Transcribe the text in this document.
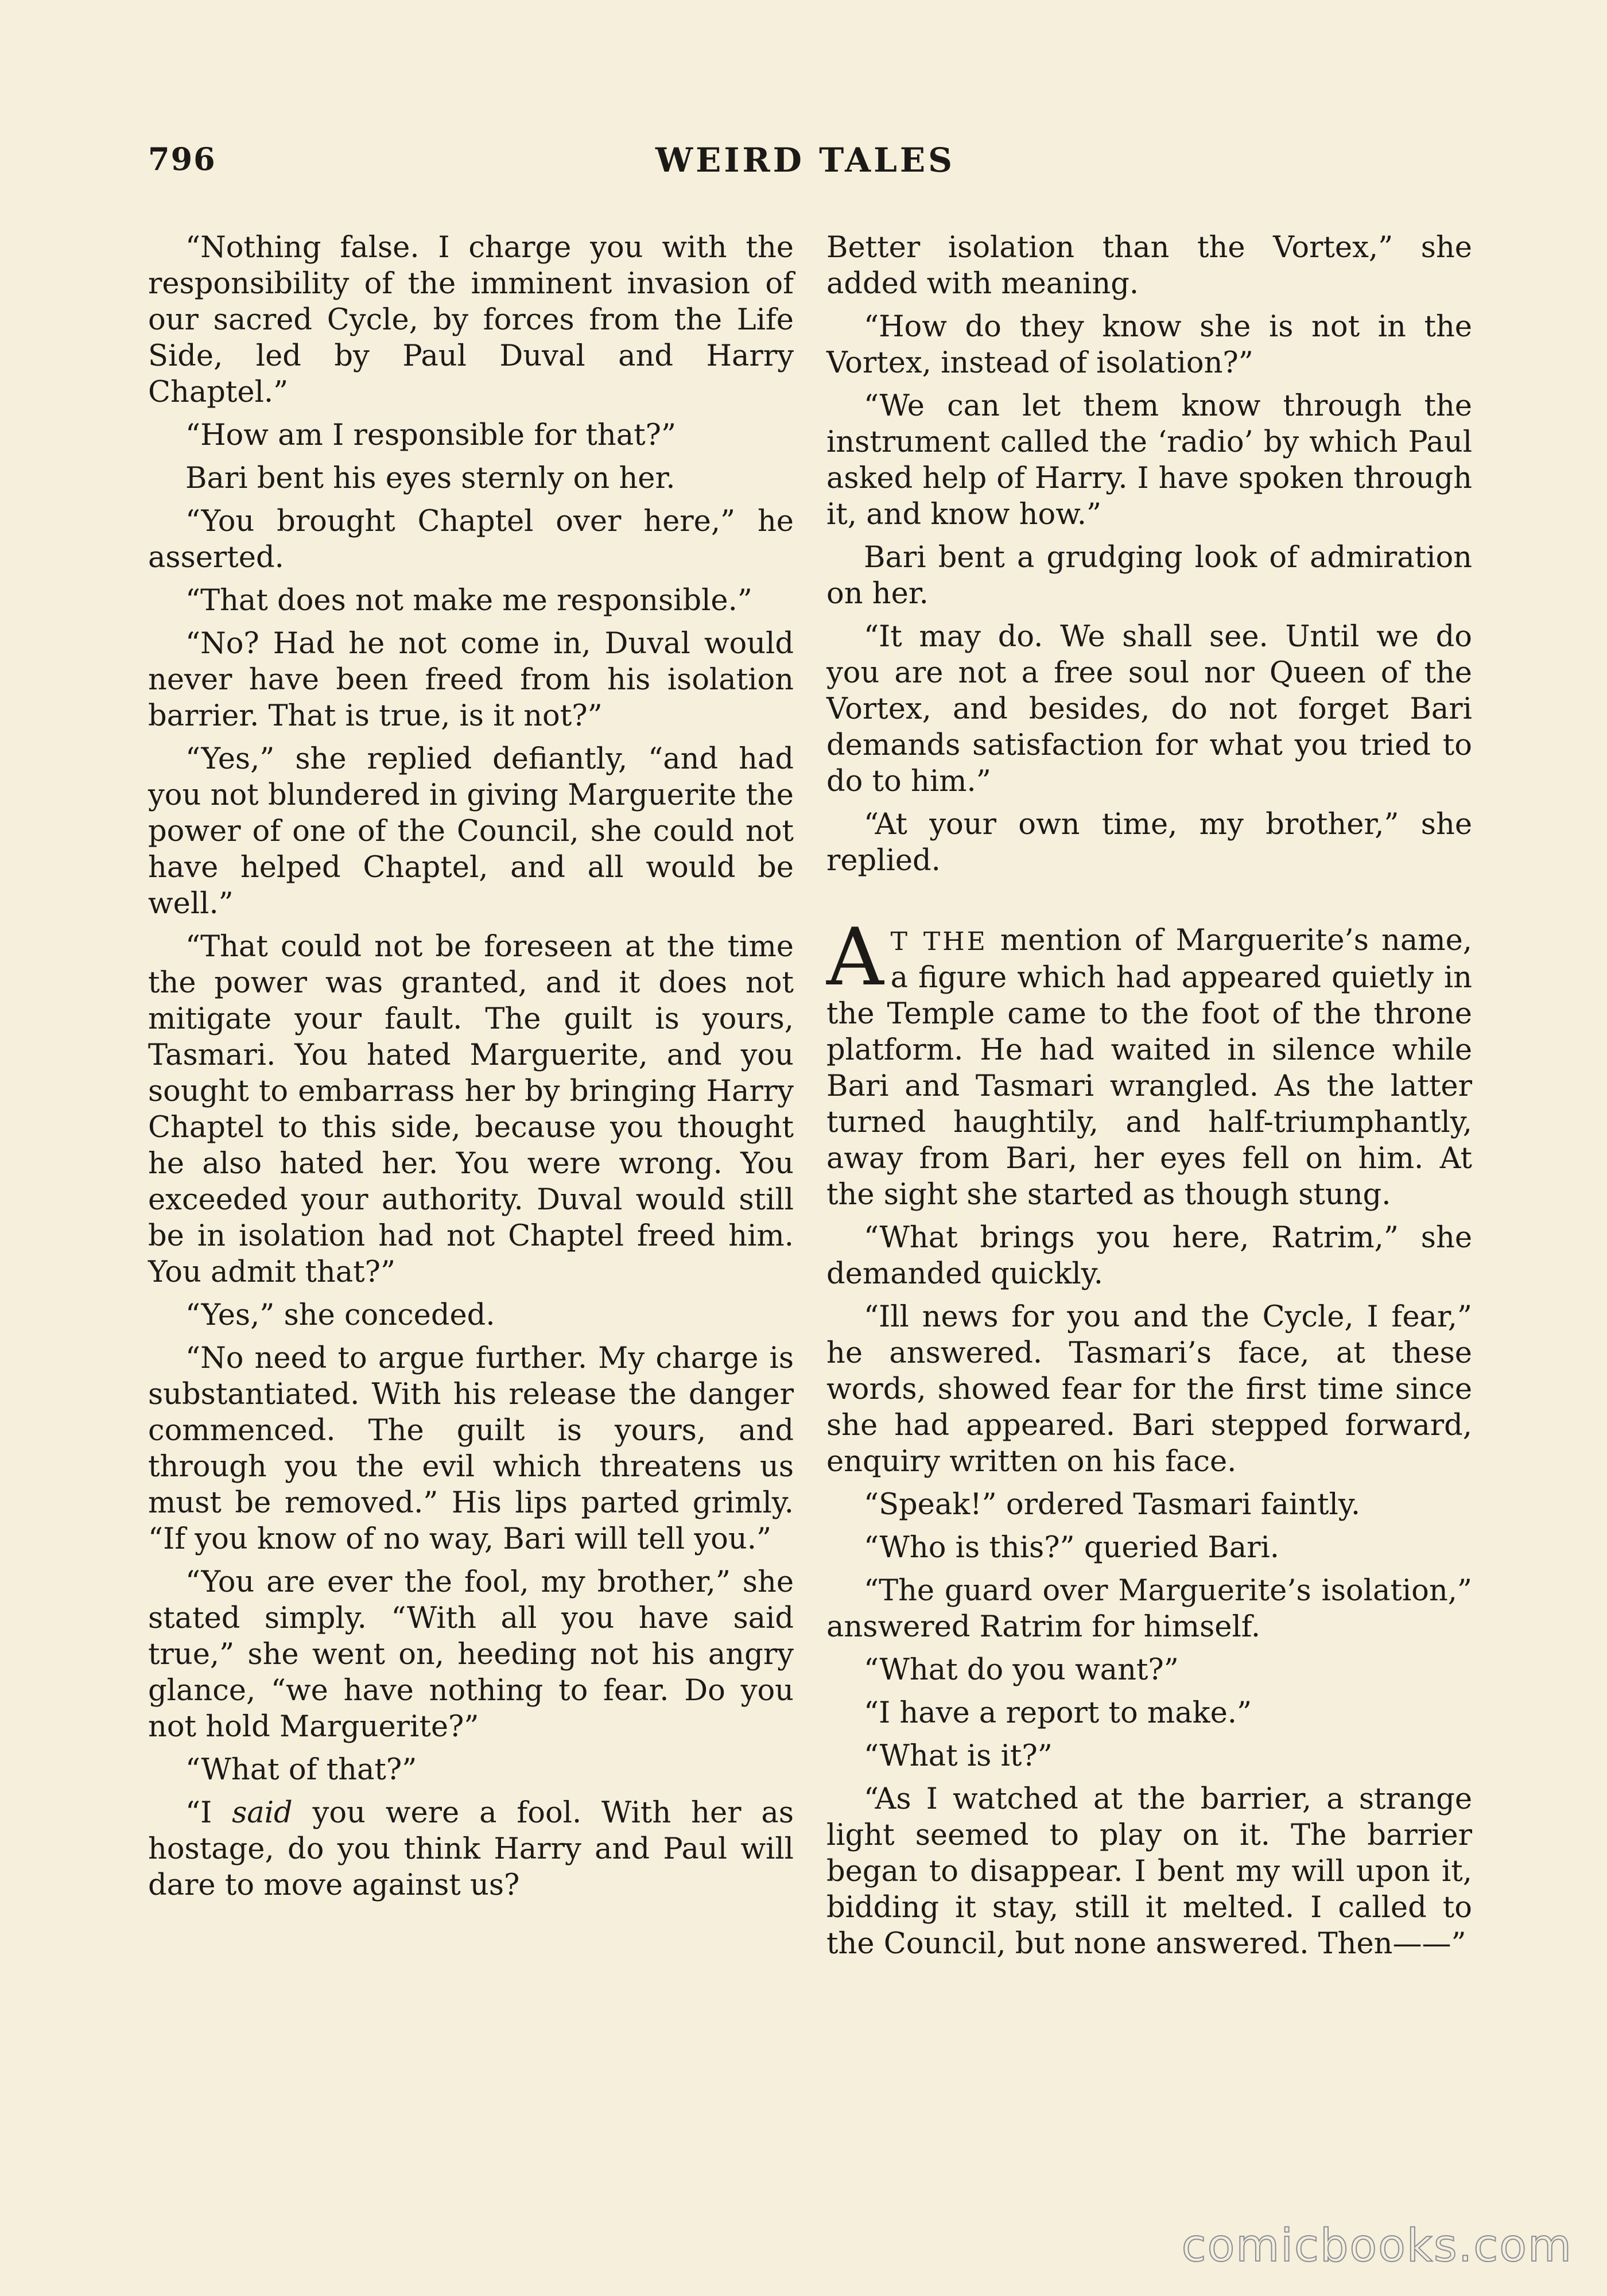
796	WEIRD TALES

“Nothing false. I charge you with the responsibility of the imminent invasion of our sacred Cycle, by forces from the Life Side, led by Paul Duval and Harry Chaptel.”

“How am I responsible for that?”

Bari bent his eyes sternly on her.

“You brought Chaptel over here,” he asserted.

“That does not make me responsible.”

“No? Had he not come in, Duval would never have been freed from his isolation barrier. That is true, is it not?”

“Yes,” she replied defiantly, “and had you not blundered in giving Marguerite the power of one of the Council, she could not have helped Chaptel, and all would be well.”

“That could not be foreseen at the time the power was granted, and it does not mitigate your fault. The guilt is yours, Tasmari. You hated Marguerite, and you sought to embarrass her by bringing Harry Chaptel to this side, because you thought he also hated her. You were wrong. You exceeded your authority. Duval would still be in isolation had not Chaptel freed him. You admit that?”

“Yes,” she conceded.

“No need to argue further. My charge is substantiated. With his release the danger commenced. The guilt is yours, and through you the evil which threatens us must be removed.” His lips parted grimly. “If you know of no way, Bari will tell you.”

“You are ever the fool, my brother,” she stated simply. “With all you have said true,” she went on, heeding not his angry glance, “we have nothing to fear. Do you not hold Marguerite?”

“What of that?”

“I said you were a fool. With her as hostage, do you think Harry and Paul will dare to move against us?

Better isolation than the Vortex,” she added with meaning.

“How do they know she is not in the Vortex, instead of isolation?”

“We can let them know through the instrument called the ‘radio’ by which Paul asked help of Harry. I have spoken through it, and know how.”

Bari bent a grudging look of admiration on her.

“It may do. We shall see. Until we do you are not a free soul nor Queen of the Vortex, and besides, do not forget Bari demands satisfaction for what you tried to do to him.”

“At your own time, my brother,” she replied.

A T THE mention of Marguerite’s name, a figure which had appeared quietly in the Temple came to the foot of the throne platform. He had waited in silence while Bari and Tasmari wrangled. As the latter turned haughtily, and half-triumphantly, away from Bari, her eyes fell on him. At the sight she started as though stung.

“What brings you here, Ratrim,” she demanded quickly.

“Ill news for you and the Cycle, I fear,” he answered. Tasmari’s face, at these words, showed fear for the first time since she had appeared. Bari stepped forward, enquiry written on his face.

“Speak!” ordered Tasmari faintly.

“Who is this?” queried Bari.

“The guard over Marguerite’s isolation,” answered Ratrim for himself.

“What do you want?”

“I have a report to make.”

“What is it?”

“As I watched at the barrier, a strange light seemed to play on it. The barrier began to disappear. I bent my will upon it, bidding it stay, still it melted. I called to the Council, but none answered. Then——”

comicbooks.com
